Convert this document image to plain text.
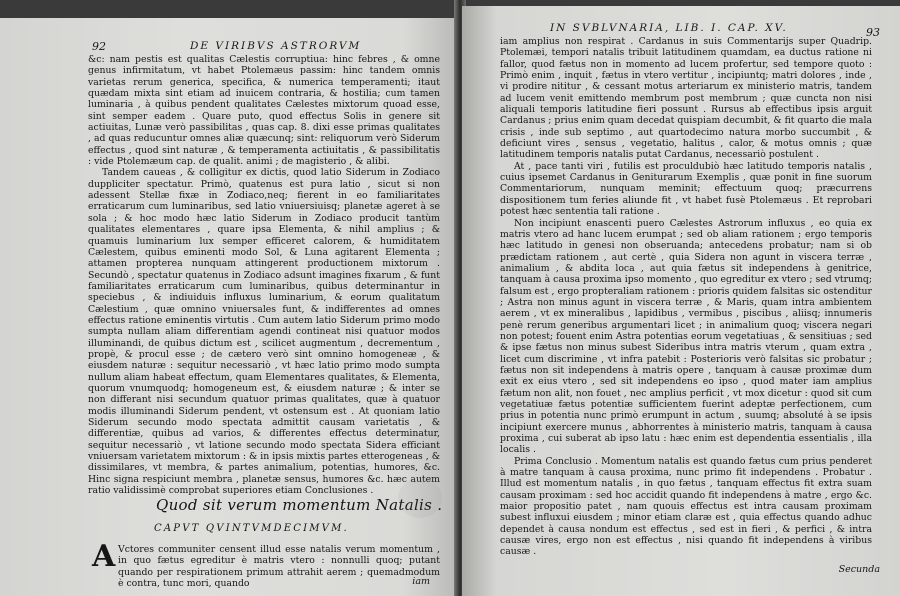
92	DE VIRIBVS ASTRORVM

&c: nam pestis est qualitas Cælestis corruptiua: hinc febres , & omne genus infirmitatum, vt habet Ptolemæus passim: hinc tandem omnis varietas rerum generica, specifica, & numerica temperamenti; itaut quædam mixta sint etiam ad inuicem contraria, & hostilia; cum tamen luminaria , à quibus pendent qualitates Cælestes mixtorum quoad esse, sint semper eadem . Quare puto, quod effectus Solis in genere sit actiuitas, Lunæ verò passibilitas , quas cap. 8. dixi esse primas qualitates , ad quas reducuntur omnes aliæ quæcunq; sint: reliquorum verò Siderum effectus , quod sint naturæ , & temperamenta actiuitatis , & passibilitatis : vide Ptolemæum cap. de qualit. animi ; de magisterio , & alibi.

Tandem caueas , & colligitur ex dictis, quod latio Siderum in Zodiaco duppliciter spectatur. Primò, quatenus est pura latio , sicut si non adessent Stellæ fixæ in Zodiaco,neq; fierent in eo familiaritates erraticarum cum luminaribus, sed latio vniuersiuisq; planetæ ageret à se sola ; & hoc modo hæc latio Siderum in Zodiaco producit tantùm qualitates elementares , quare ipsa Elementa, & nihil amplius ; & quamuis luminarium lux semper efficeret calorem, & humiditatem Cælestem, quibus eminenti modo Sol, & Luna agitarent Elementa ; attamen propterea nunquam attingerent productionem mixtorum . Secundò , spectatur quatenus in Zodiaco adsunt imagines fixarum , & funt familiaritates erraticarum cum luminaribus, quibus determinantur in speciebus , & indiuiduis influxus luminarium, & eorum qualitatum Cælestium , quæ omnino vniuersales funt, & indifferentes ad omnes effectus ratione eminentis virtutis . Cum autem latio Siderum primo modo sumpta nullam aliam differentiam agendi contineat nisi quatuor modos illuminandi, de quibus dictum est , scilicet augmentum , decrementum , propè, & procul esse ; de cætero verò sint omnino homogeneæ , & eiusdem naturæ : sequitur necessariò , vt hæc latio primo modo sumpta nullum aliam habeat effectum, quam Elementares qualitates, & Elementa, quorum vnumquodq; homogeneum est, & eiusdem naturæ ; & inter se non differant nisi secundum quatuor primas qualitates, quæ à quatuor modis illuminandi Siderum pendent, vt ostensum est . At quoniam latio Siderum secundo modo spectata admittit causam varietatis , & differentiæ, quibus ad varios, & differentes effectus determinatur, sequitur necessariò , vt latione secundo modo spectata Sidera efficiant vniuersam varietatem mixtorum : & in ipsis mixtis partes etterogeneas , & dissimilares, vt membra, & partes animalium, potentias, humores, &c. Hinc signa respiciunt membra , planetæ sensus, humores &c. hæc autem ratio validissimè comprobat superiores etiam Conclusiones .

Quod sit verum momentum Natalis .
CAPVT QVINTVMDECIMVM.
A Vctores communiter censent illud esse natalis verum momentum , in quo fætus egreditur è matris vtero : nonnulli quoq; putant quando per respirationem primum attrahit aerem ; quemadmodum è contra, tunc mori, quando	iam
IN SVBLVNARIA, LIB. I. CAP. XV.	93

iam amplius non respirat . Cardanus in suis Commentarijs super Quadrip. Ptolemæi, tempori natalis tribuit latitudinem quamdam, ea ductus ratione ni fallor, quod fætus non in momento ad lucem profertur, sed tempore quoto : Primò enim , inquit , fætus in vtero vertitur , incipiuntq; matri dolores , inde , vi prodire nititur , & cessant motus arteriarum ex ministerio matris, tandem ad lucem venit emittendo membrum post membrum ; quæ cuncta non nisi aliquali temporis latitudine fieri possunt . Rursus ab effectibus ipsis arguit Cardanus ; prius enim quam decedat quispiam decumbit, & fit quarto die mala crisis , inde sub septimo , aut quartodecimo natura morbo succumbit , & deficiunt vires , sensus , vegetatio, halitus , calor, & motus omnis ; quæ latitudinem temporis natalis putat Cardanus, necessariò postulent .

At , pace tanti viri , futilis est proculdubiò hæc latitudo temporis natalis , cuius ipsemet Cardanus in Geniturarum Exemplis , quæ ponit in fine suorum Commentariorum, nunquam meminit; effectuum quoq; præcurrens dispositionem tum feries aliunde fit , vt habet fusè Ptolemæus . Et reprobari potest hæc sententia tali ratione .

Non incipiunt enascenti puero Cælestes Astrorum influxus , eo quia ex matris vtero ad hanc lucem erumpat ; sed ob aliam rationem ; ergo temporis hæc latitudo in genesi non obseruanda; antecedens probatur; nam si ob prædictam rationem , aut certè , quia Sidera non agunt in viscera terræ , animalium , & abdita loca , aut quia fætus sit independens à genitrice, tanquam à causa proxima ipso momento , quo egreditur ex vtero ; sed vtrumq; falsum est , ergo propteraliam rationem : prioris quidem falsitas sic ostenditur ; Astra non minus agunt in viscera terræ , & Maris, quam intra ambientem aerem , vt ex mineralibus , lapidibus , vermibus , piscibus , aliisq; innumeris penè rerum generibus argumentari licet ; in animalium quoq; viscera negari non potest; fouent enim Astra potentias eorum vegetatiuas , & sensitiuas ; sed & ipse fætus non minus subest Sideribus intra matris vterum , quam extra , licet cum discrimine , vt infra patebit : Posterioris verò falsitas sic probatur ; fætus non sit independens à matris opere , tanquam à causæ proximæ dum exit ex eius vtero , sed sit independens eo ipso , quod mater iam amplius fætum non alit, non fouet , nec amplius perficit , vt mox dicetur : quod sit cum vegetatiuæ fætus potentiæ sufficientem fuerint adeptæ perfectionem, cum prius in potentia nunc primò erumpunt in actum , suumq; absoluté à se ipsis incipiunt exercere munus , abhorrentes à ministerio matris, tanquam à causa proxima , cui suberat ab ipso latu : hæc enim est dependentia essentialis , illa localis .

Prima Conclusio . Momentum natalis est quando fætus cum prius penderet à matre tanquam à causa proxima, nunc primo fit independens . Probatur . Illud est momentum natalis , in quo fætus , tanquam effectus fit extra suam causam proximam : sed hoc accidit quando fit independens à matre , ergo &c. maior propositio patet , nam quouis effectus est intra causam proximam subest influxui eiusdem ; minor etiam claræ est , quia effectus quando adhuc dependet à causa nondum est effectus , sed est in fieri , & perfici , & intra causæ vires, ergo non est effectus , nisi quando fit independens à viribus causæ .

Secunda
